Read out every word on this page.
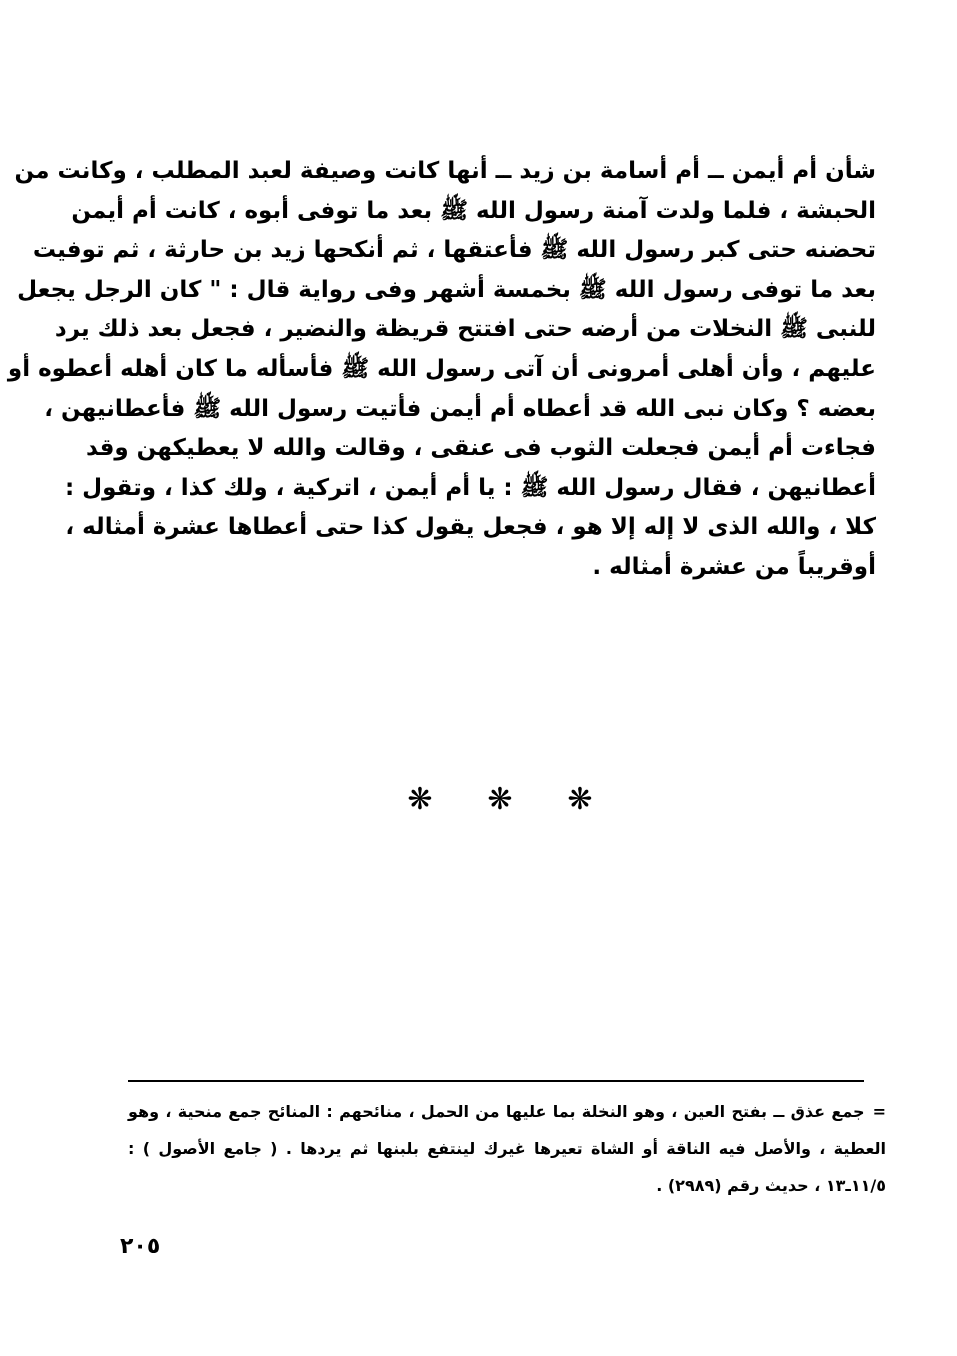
شأن أم أيمن ــ أم أسامة بن زيد ــ أنها كانت وصيفة لعبد المطلب ، وكانت من
الحبشة ، فلما ولدت آمنة رسول الله ﷺ بعد ما توفى أبوه ، كانت أم أيمن
تحضنه حتى كبر رسول الله ﷺ فأعتقها ، ثم أنكحها زيد بن حارثة ، ثم توفيت
بعد ما توفى رسول الله ﷺ بخمسة أشهر وفى رواية قال : " كان الرجل يجعل
للنبى ﷺ النخلات من أرضه حتى افتتح قريظة والنضير ، فجعل بعد ذلك يرد
عليهم ، وأن أهلى أمرونى أن آتى رسول الله ﷺ فأسأله ما كان أهله أعطوه أو
بعضه ؟ وكان نبى الله قد أعطاه أم أيمن فأتيت رسول الله ﷺ فأعطانيهن ،
فجاءت أم أيمن فجعلت الثوب فى عنقى ، وقالت والله لا يعطيكهن وقد
أعطانيهن ، فقال رسول الله ﷺ : يا أم أيمن ، اتركية ، ولك كذا ، وتقول :
كلا ، والله الذى لا إله إلا هو ، فجعل يقول كذا حتى أعطاها عشرة أمثاله ،
أوقريباً من عشرة أمثاله .
❋ ❋ ❋
=جمع عذق ــ بفتح العين ، وهو النخلة بما عليها من الحمل ، منائحهم : المنائح جمع منحية ، وهو
العطية ، والأصل فيه الناقة أو الشاة تعيرها غيرك لينتفع بلبنها ثم يردها . ( جامع الأصول ) :
١١/٥ـ١٣ ، حديث رقم (٢٩٨٩) .
٢٠٥
